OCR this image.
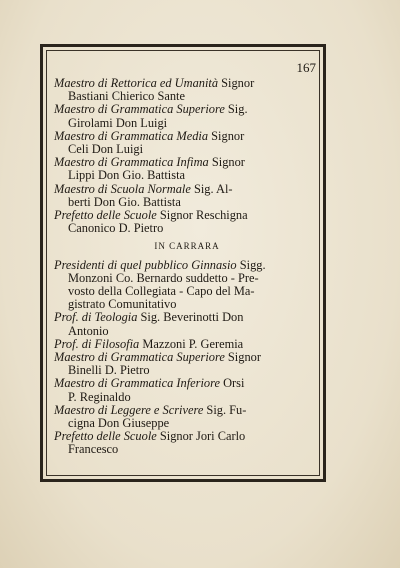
167

Maestro di Rettorica ed Umanità Signor
Bastiani Chierico Sante

Maestro di Grammatica Superiore Sig.
Girolami Don Luigi

Maestro di Grammatica Media Signor
Celi Don Luigi

Maestro di Grammatica Infima Signor
Lippi Don Gio. Battista

Maestro di Scuola Normale Sig. Al-
berti Don Gio. Battista

Prefetto delle Scuole Signor Reschigna
Canonico D. Pietro

IN CARRARA

Presidenti di quel pubblico Ginnasio Sigg.
Monzoni Co. Bernardo suddetto - Pre-
vosto della Collegiata - Capo del Ma-
gistrato Comunitativo

Prof. di Teologia Sig. Beverinotti Don
Antonio

Prof. di Filosofia Mazzoni P. Geremia

Maestro di Grammatica Superiore Signor
Binelli D. Pietro

Maestro di Grammatica Inferiore Orsi
P. Reginaldo

Maestro di Leggere e Scrivere Sig. Fu-
cigna Don Giuseppe

Prefetto delle Scuole Signor Jori Carlo
Francesco
